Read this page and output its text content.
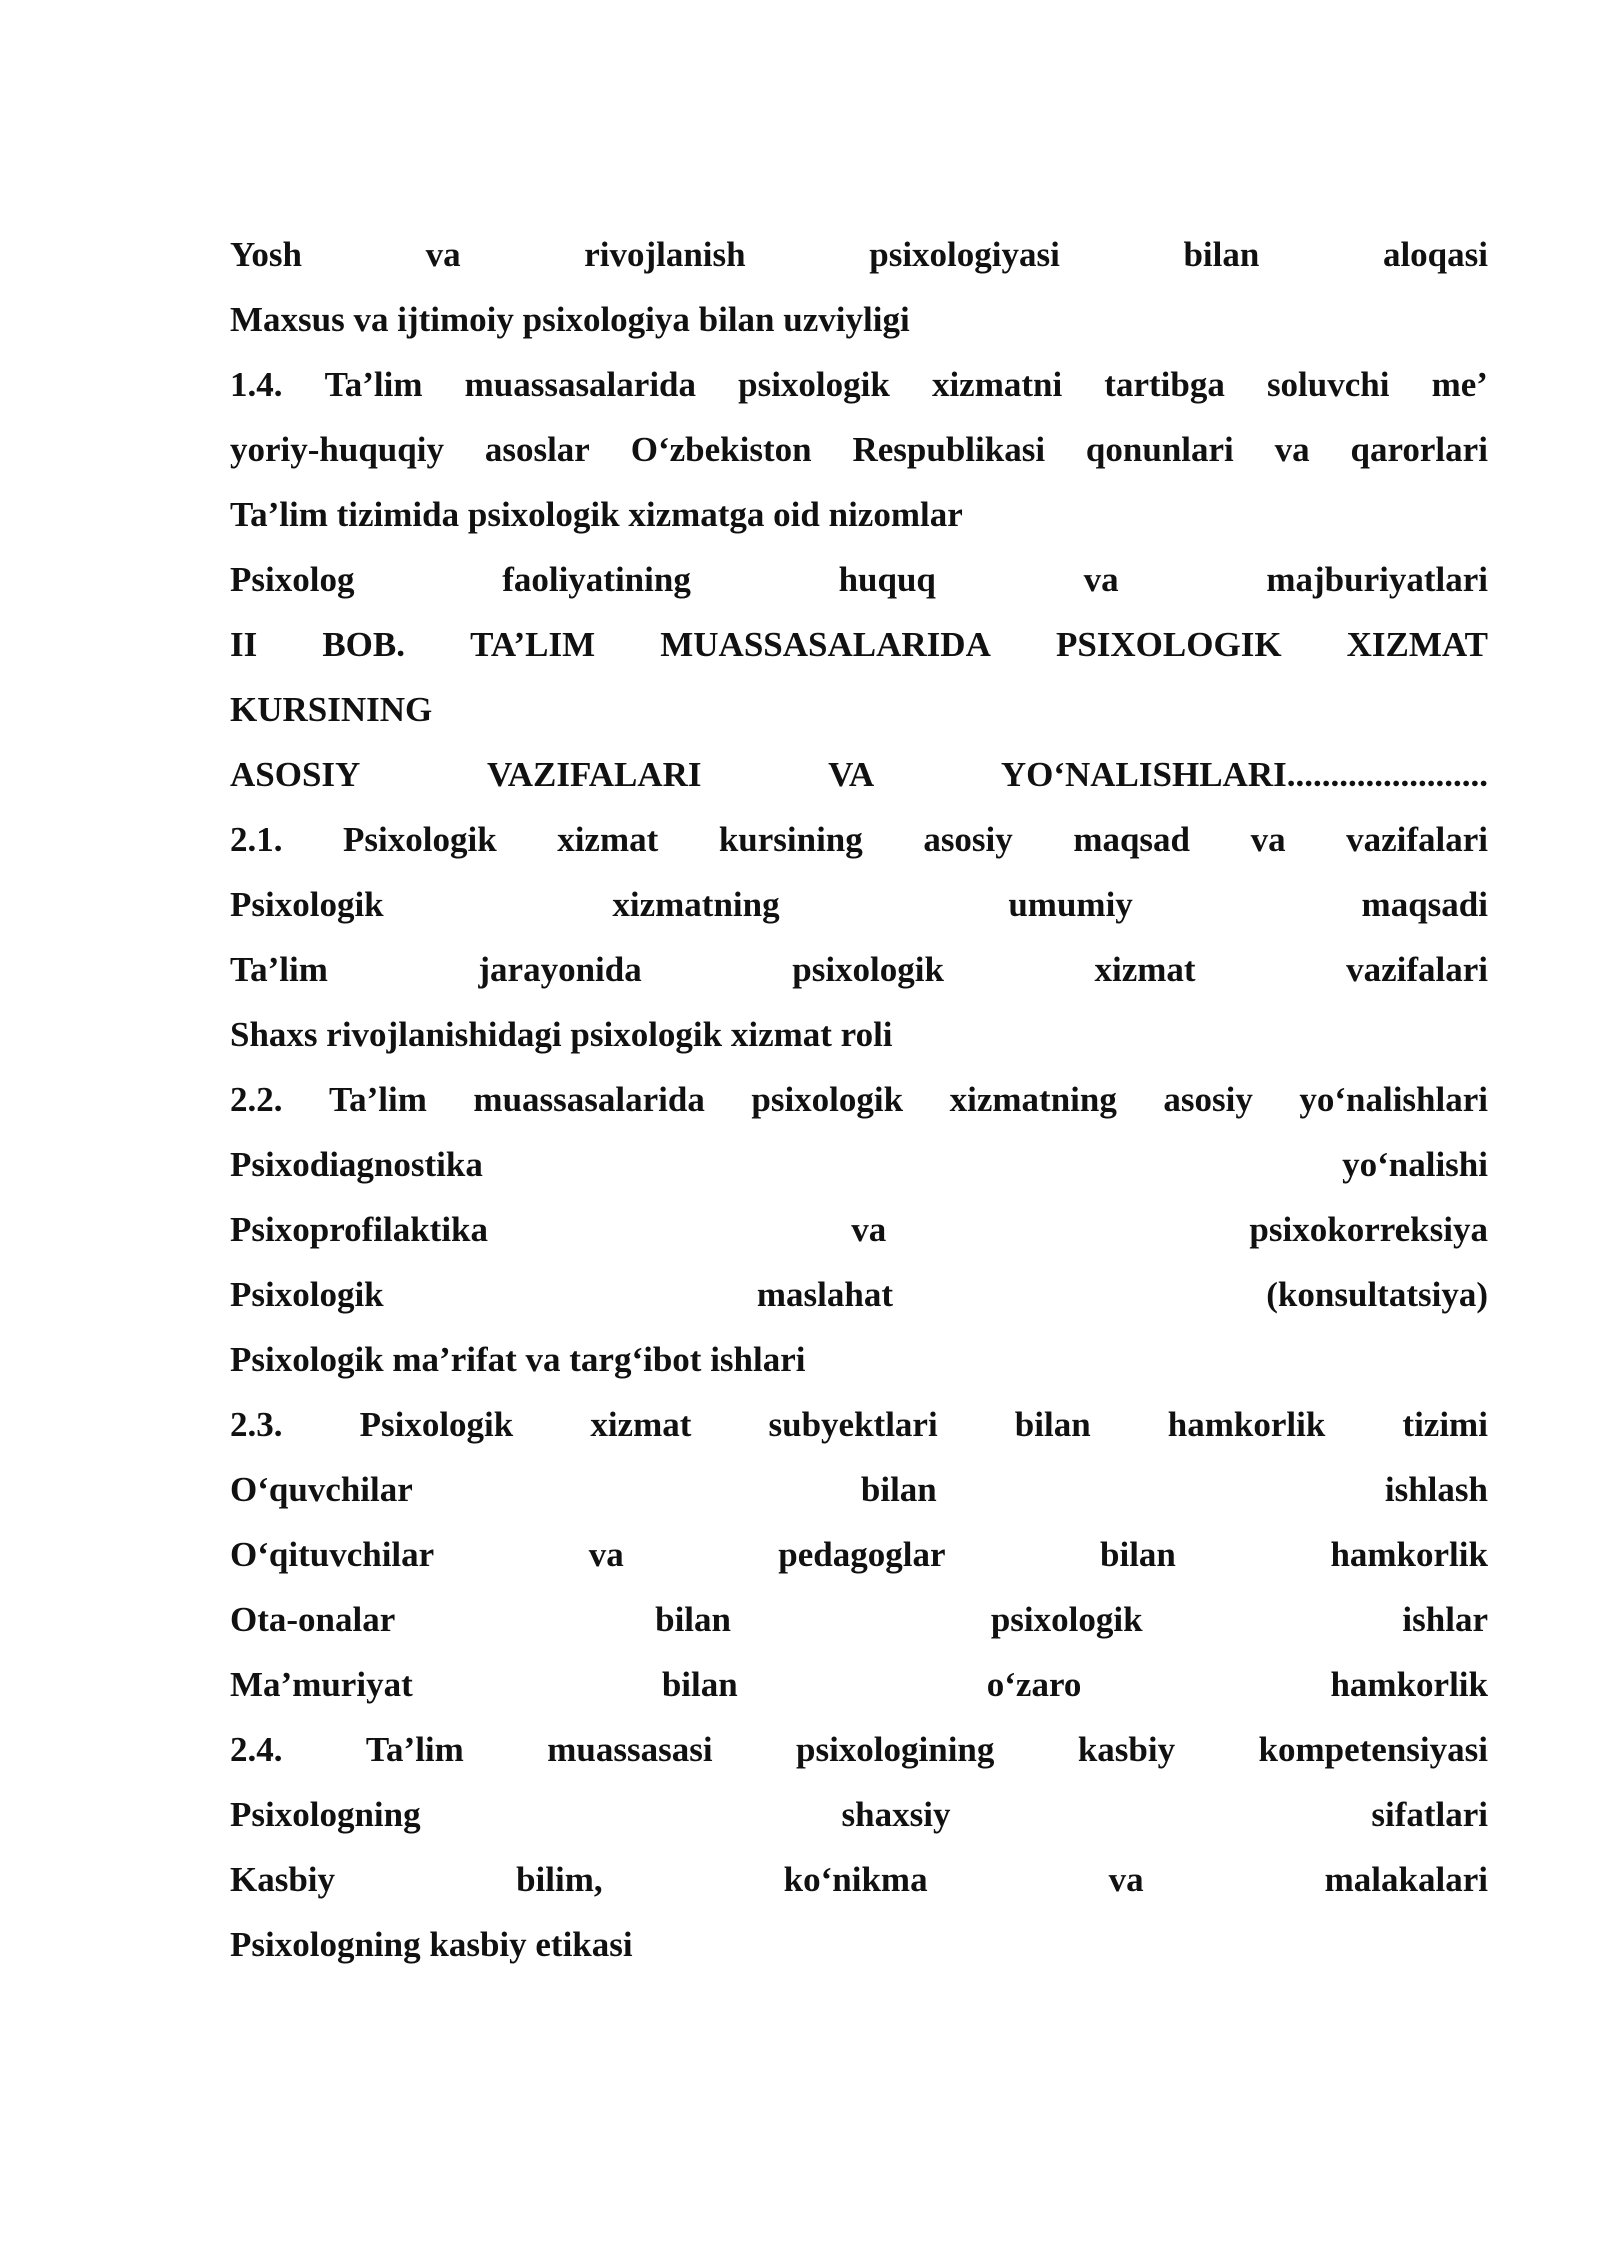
Yosh	va	rivojlanish	psixologiyasi	bilan	aloqasi
Maxsus va ijtimoiy psixologiya bilan uzviyligi
1.4. Ta’lim muassasalarida psixologik xizmatni tartibga soluvchi me’
yoriy-huquqiy asoslar O‘zbekiston Respublikasi qonunlari va qarorlari
Ta’lim tizimida psixologik xizmatga oid nizomlar
Psixolog	faoliyatining	huquq	va	majburiyatlari
II BOB. TA’LIM MUASSASALARIDA PSIXOLOGIK XIZMAT
KURSINING
ASOSIY	VAZIFALARI	VA	YO‘NALISHLARI.......................
2.1. Psixologik xizmat kursining asosiy maqsad va vazifalari
Psixologik	xizmatning	umumiy	maqsadi
Ta’lim	jarayonida	psixologik	xizmat	vazifalari
Shaxs rivojlanishidagi psixologik xizmat roli
2.2. Ta’lim muassasalarida psixologik xizmatning asosiy yo‘nalishlari
Psixodiagnostika	yo‘nalishi
Psixoprofilaktika	va	psixokorreksiya
Psixologik	maslahat	(konsultatsiya)
Psixologik ma’rifat va targ‘ibot ishlari
2.3. Psixologik xizmat subyektlari bilan hamkorlik tizimi
O‘quvchilar	bilan	ishlash
O‘qituvchilar	va	pedagoglar	bilan	hamkorlik
Ota-onalar	bilan	psixologik	ishlar
Ma’muriyat	bilan	o‘zaro	hamkorlik
2.4. Ta’lim muassasasi psixologining kasbiy kompetensiyasi
Psixologning	shaxsiy	sifatlari
Kasbiy	bilim,	ko‘nikma	va	malakalari
Psixologning kasbiy etikasi
